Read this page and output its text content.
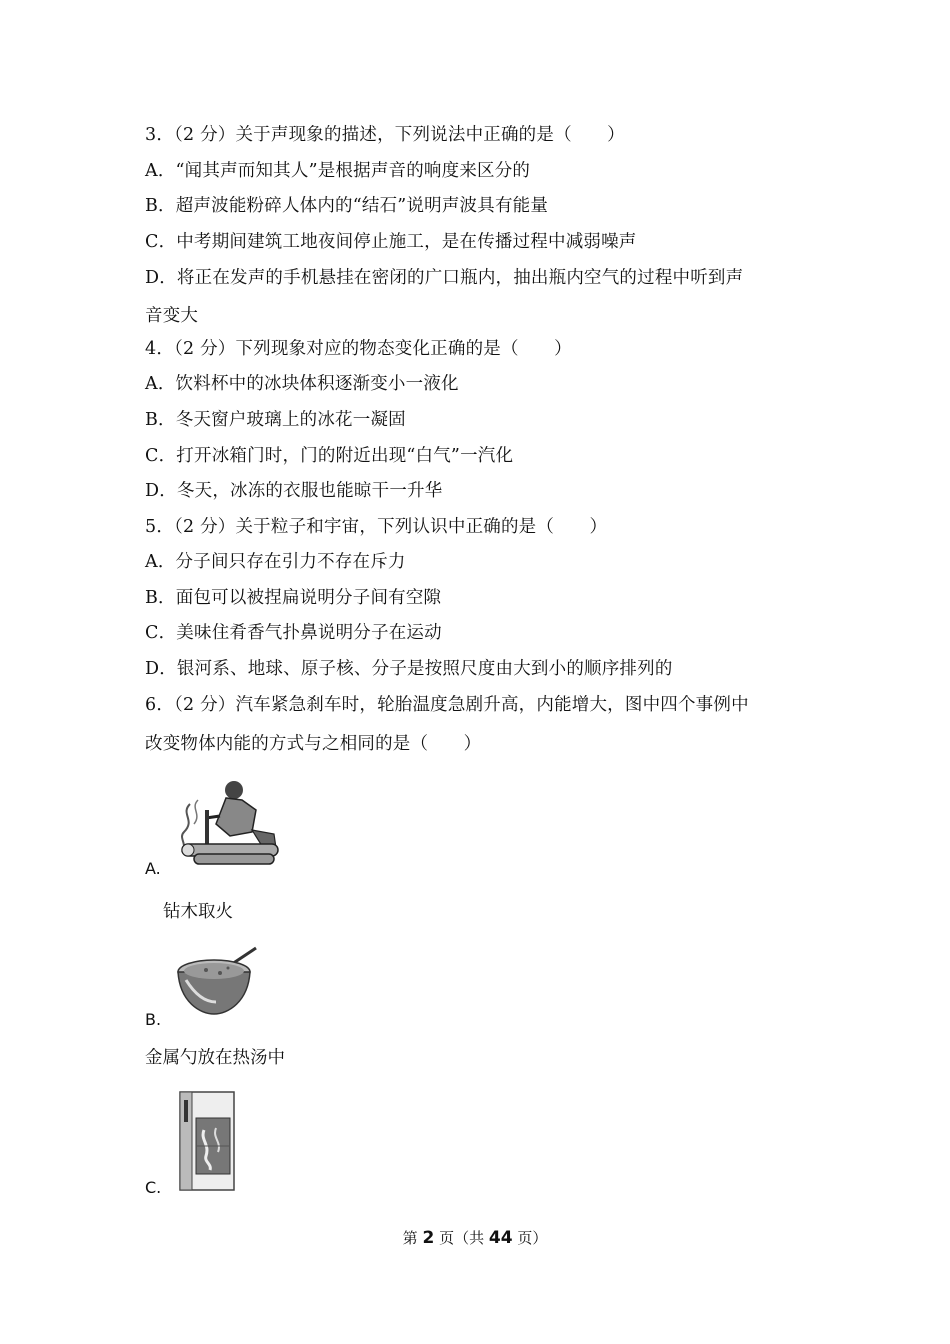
3．（2 分）关于声现象的描述，下列说法中正确的是（　　）
A．“闻其声而知其人”是根据声音的响度来区分的
B．超声波能粉碎人体内的“结石”说明声波具有能量
C．中考期间建筑工地夜间停止施工，是在传播过程中减弱噪声
D．将正在发声的手机悬挂在密闭的广口瓶内，抽出瓶内空气的过程中听到声
音变大
4．（2 分）下列现象对应的物态变化正确的是（　　）
A．饮料杯中的冰块体积逐渐变小一液化
B．冬天窗户玻璃上的冰花一凝固
C．打开冰箱门时，门的附近出现“白气”一汽化
D．冬天，冰冻的衣服也能晾干一升华
5．（2 分）关于粒子和宇宙，下列认识中正确的是（　　）
A．分子间只存在引力不存在斥力
B．面包可以被捏扁说明分子间有空隙
C．美味住肴香气扑鼻说明分子在运动
D．银河系、地球、原子核、分子是按照尺度由大到小的顺序排列的
6．（2 分）汽车紧急刹车时，轮胎温度急剧升高，内能增大，图中四个事例中
改变物体内能的方式与之相同的是（　　）
A.
钻木取火
B.
金属勺放在热汤中
C.
第 2 页（共 44 页）
